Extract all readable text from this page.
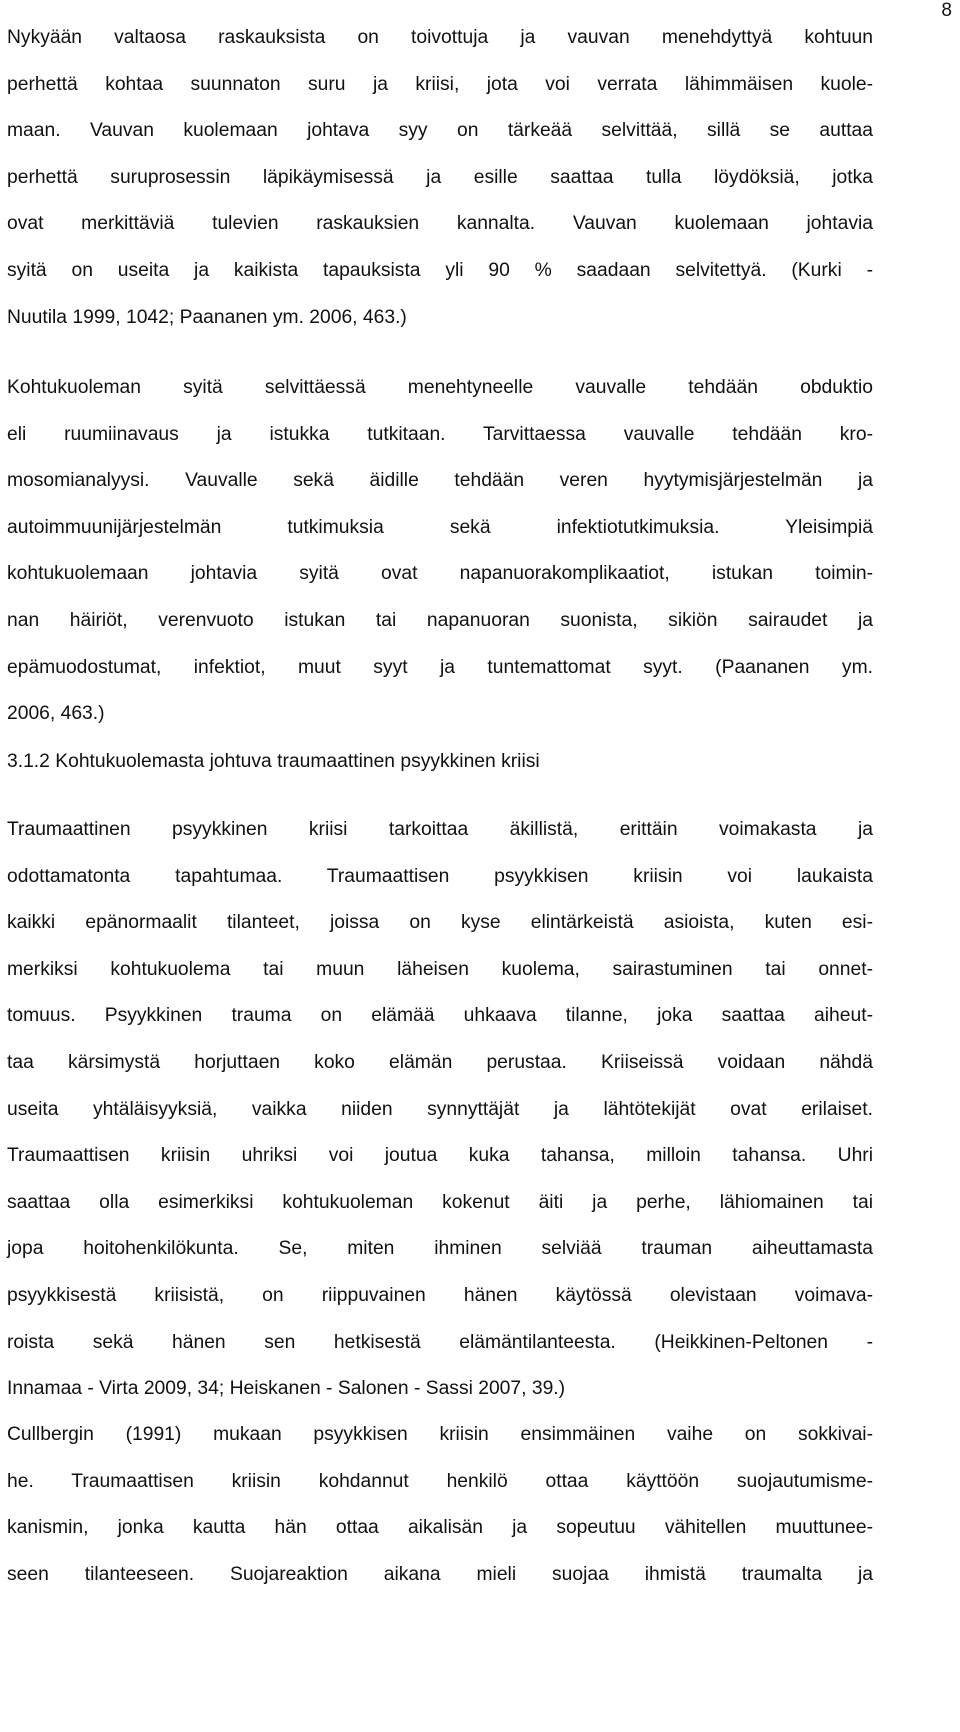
8

Nykyään valtaosa raskauksista on toivottuja ja vauvan menehdyttyä kohtuun
perhettä kohtaa suunnaton suru ja kriisi, jota voi verrata lähimmäisen kuole-
maan. Vauvan kuolemaan johtava syy on tärkeää selvittää, sillä se auttaa
perhettä suruprosessin läpikäymisessä ja esille saattaa tulla löydöksiä, jotka
ovat merkittäviä tulevien raskauksien kannalta. Vauvan kuolemaan johtavia
syitä on useita ja kaikista tapauksista yli 90 % saadaan selvitettyä. (Kurki -
Nuutila 1999, 1042; Paananen ym. 2006, 463.)

Kohtukuoleman syitä selvittäessä menehtyneelle vauvalle tehdään obduktio
eli ruumiinavaus ja istukka tutkitaan. Tarvittaessa vauvalle tehdään kro-
mosomianalyysi. Vauvalle sekä äidille tehdään veren hyytymisjärjestelmän ja
autoimmuunijärjestelmän tutkimuksia sekä infektiotutkimuksia. Yleisimpiä
kohtukuolemaan johtavia syitä ovat napanuorakomplikaatiot, istukan toimin-
nan häiriöt, verenvuoto istukan tai napanuoran suonista, sikiön sairaudet ja
epämuodostumat, infektiot, muut syyt ja tuntemattomat syyt. (Paananen ym.
2006, 463.)

3.1.2 Kohtukuolemasta johtuva traumaattinen psyykkinen kriisi

Traumaattinen psyykkinen kriisi tarkoittaa äkillistä, erittäin voimakasta ja
odottamatonta tapahtumaa. Traumaattisen psyykkisen kriisin voi laukaista
kaikki epänormaalit tilanteet, joissa on kyse elintärkeistä asioista, kuten esi-
merkiksi kohtukuolema tai muun läheisen kuolema, sairastuminen tai onnet-
tomuus. Psyykkinen trauma on elämää uhkaava tilanne, joka saattaa aiheut-
taa kärsimystä horjuttaen koko elämän perustaa. Kriiseissä voidaan nähdä
useita yhtäläisyyksiä, vaikka niiden synnyttäjät ja lähtötekijät ovat erilaiset.
Traumaattisen kriisin uhriksi voi joutua kuka tahansa, milloin tahansa. Uhri
saattaa olla esimerkiksi kohtukuoleman kokenut äiti ja perhe, lähiomainen tai
jopa hoitohenkilökunta. Se, miten ihminen selviää trauman aiheuttamasta
psyykkisestä kriisistä, on riippuvainen hänen käytössä olevistaan voimava-
roista sekä hänen sen hetkisestä elämäntilanteesta. (Heikkinen-Peltonen -
Innamaa - Virta 2009, 34; Heiskanen - Salonen - Sassi 2007, 39.)

Cullbergin (1991) mukaan psyykkisen kriisin ensimmäinen vaihe on sokkivai-
he. Traumaattisen kriisin kohdannut henkilö ottaa käyttöön suojautumisme-
kanismin, jonka kautta hän ottaa aikalisän ja sopeutuu vähitellen muuttunee-
seen tilanteeseen. Suojareaktion aikana mieli suojaa ihmistä traumalta ja
